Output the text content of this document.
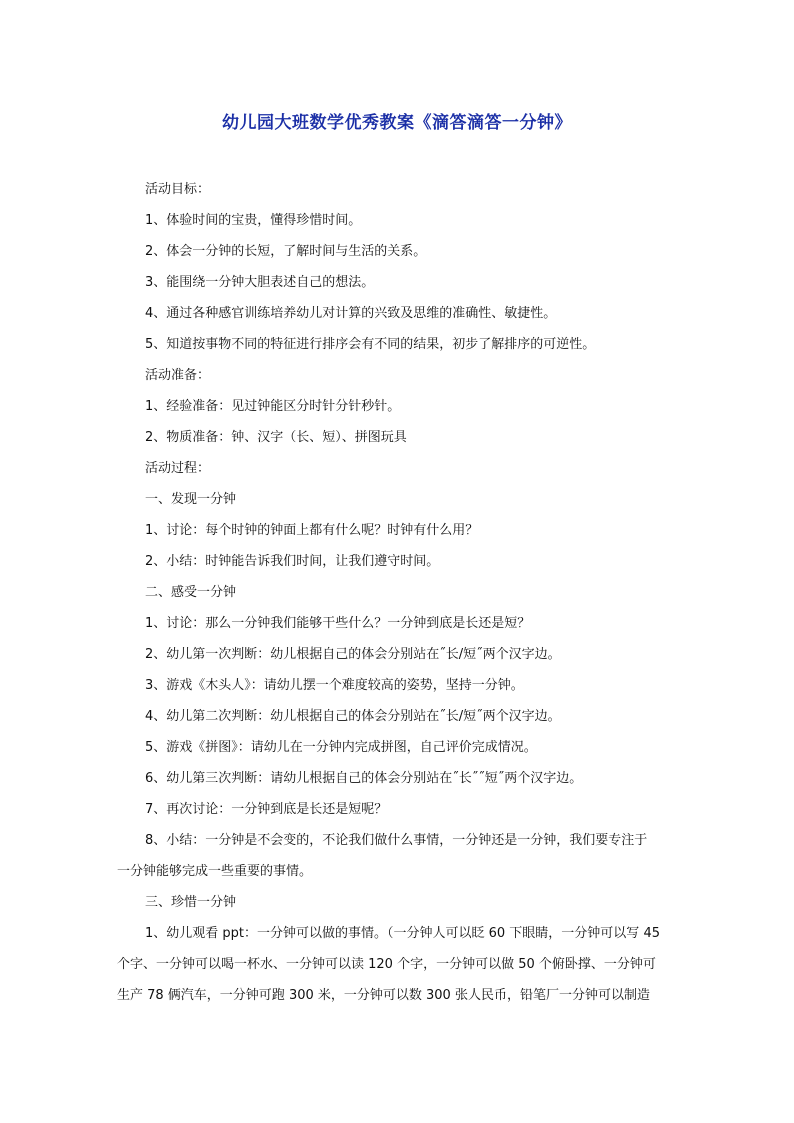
幼儿园大班数学优秀教案《滴答滴答一分钟》
活动目标：
1、体验时间的宝贵，懂得珍惜时间。
2、体会一分钟的长短，了解时间与生活的关系。
3、能围绕一分钟大胆表述自己的想法。
4、通过各种感官训练培养幼儿对计算的兴致及思维的准确性、敏捷性。
5、知道按事物不同的特征进行排序会有不同的结果，初步了解排序的可逆性。
活动准备：
1、经验准备：见过钟能区分时针分针秒针。
2、物质准备：钟、汉字（长、短）、拼图玩具
活动过程：
一、发现一分钟
1、讨论：每个时钟的钟面上都有什么呢？时钟有什么用？
2、小结：时钟能告诉我们时间，让我们遵守时间。
二、感受一分钟
1、讨论：那么一分钟我们能够干些什么？一分钟到底是长还是短？
2、幼儿第一次判断：幼儿根据自己的体会分别站在˝长/短˝两个汉字边。
3、游戏《木头人》：请幼儿摆一个难度较高的姿势，坚持一分钟。
4、幼儿第二次判断：幼儿根据自己的体会分别站在˝长/短˝两个汉字边。
5、游戏《拼图》：请幼儿在一分钟内完成拼图，自己评价完成情况。
6、幼儿第三次判断：请幼儿根据自己的体会分别站在˝长˝˝短˝两个汉字边。
7、再次讨论：一分钟到底是长还是短呢？
8、小结：一分钟是不会变的，不论我们做什么事情，一分钟还是一分钟，我们要专注于
一分钟能够完成一些重要的事情。
三、珍惜一分钟
1、幼儿观看 ppt：一分钟可以做的事情。（一分钟人可以眨 60 下眼睛，一分钟可以写 45
个字、一分钟可以喝一杯水、一分钟可以读 120 个字，一分钟可以做 50 个俯卧撑、一分钟可
生产 78 俩汽车，一分钟可跑 300 米，一分钟可以数 300 张人民币，铅笔厂一分钟可以制造
